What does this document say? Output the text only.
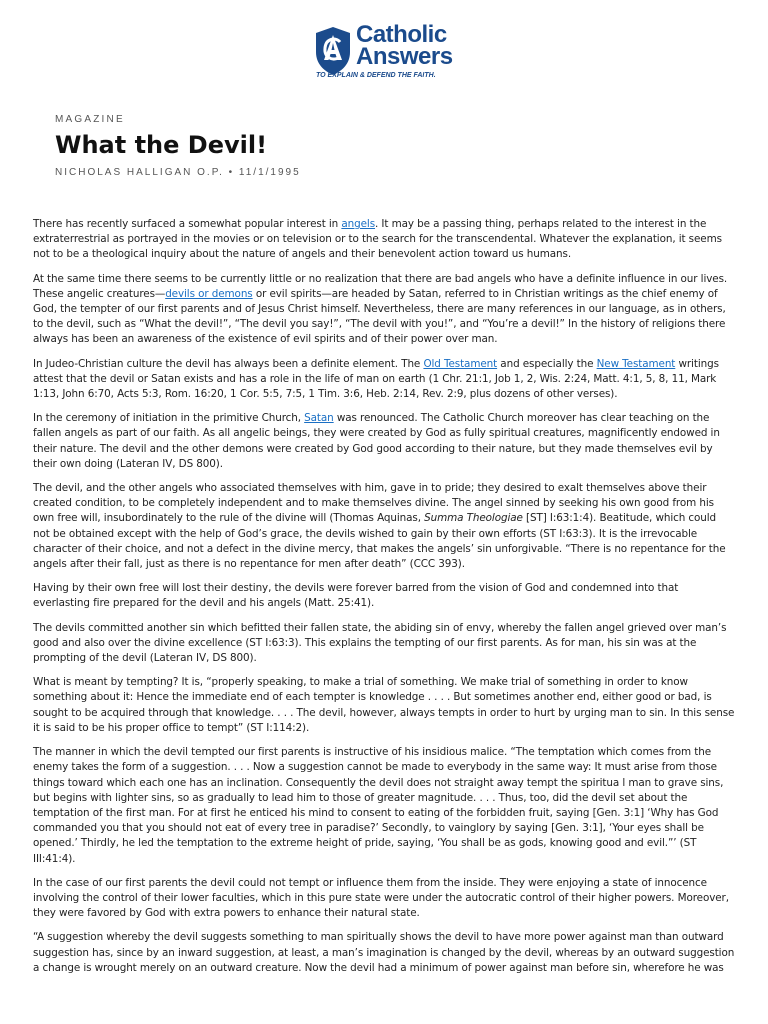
Catholic
Answers
TO EXPLAIN & DEFEND THE FAITH.
MAGAZINE
What the Devil!
NICHOLAS HALLIGAN O.P. • 11/1/1995

There has recently surfaced a somewhat popular interest in angels. It may be a passing thing, perhaps related to the interest in the extraterrestrial as portrayed in the movies or on television or to the search for the transcendental. Whatever the explanation, it seems not to be a theological inquiry about the nature of angels and their benevolent action toward us humans.

At the same time there seems to be currently little or no realization that there are bad angels who have a definite influence in our lives. These angelic creatures—devils or demons or evil spirits—are headed by Satan, referred to in Christian writings as the chief enemy of God, the tempter of our first parents and of Jesus Christ himself. Nevertheless, there are many references in our language, as in others, to the devil, such as “What the devil!”, “The devil you say!”, “The devil with you!”, and “You’re a devil!” In the history of religions there always has been an awareness of the existence of evil spirits and of their power over man.

In Judeo-Christian culture the devil has always been a definite element. The Old Testament and especially the New Testament writings attest that the devil or Satan exists and has a role in the life of man on earth (1 Chr. 21:1, Job 1, 2, Wis. 2:24, Matt. 4:1, 5, 8, 11, Mark 1:13, John 6:70, Acts 5:3, Rom. 16:20, 1 Cor. 5:5, 7:5, 1 Tim. 3:6, Heb. 2:14, Rev. 2:9, plus dozens of other verses).

In the ceremony of initiation in the primitive Church, Satan was renounced. The Catholic Church moreover has clear teaching on the fallen angels as part of our faith. As all angelic beings, they were created by God as fully spiritual creatures, magnificently endowed in their nature. The devil and the other demons were created by God good according to their nature, but they made themselves evil by their own doing (Lateran IV, DS 800).

The devil, and the other angels who associated themselves with him, gave in to pride; they desired to exalt themselves above their created condition, to be completely independent and to make themselves divine. The angel sinned by seeking his own good from his own free will, insubordinately to the rule of the divine will (Thomas Aquinas, Summa Theologiae [ST] I:63:1:4). Beatitude, which could not be obtained except with the help of God’s grace, the devils wished to gain by their own efforts (ST I:63:3). It is the irrevocable character of their choice, and not a defect in the divine mercy, that makes the angels’ sin unforgivable. “There is no repentance for the angels after their fall, just as there is no repentance for men after death” (CCC 393).

Having by their own free will lost their destiny, the devils were forever barred from the vision of God and condemned into that everlasting fire prepared for the devil and his angels (Matt. 25:41).

The devils committed another sin which befitted their fallen state, the abiding sin of envy, whereby the fallen angel grieved over man’s good and also over the divine excellence (ST I:63:3). This explains the tempting of our first parents. As for man, his sin was at the prompting of the devil (Lateran IV, DS 800).

What is meant by tempting? It is, “properly speaking, to make a trial of something. We make trial of something in order to know something about it: Hence the immediate end of each tempter is knowledge . . . . But sometimes another end, either good or bad, is sought to be acquired through that knowledge. . . . The devil, however, always tempts in order to hurt by urging man to sin. In this sense it is said to be his proper office to tempt” (ST I:114:2).

The manner in which the devil tempted our first parents is instructive of his insidious malice. “The temptation which comes from the enemy takes the form of a suggestion. . . . Now a suggestion cannot be made to everybody in the same way: It must arise from those things toward which each one has an inclination. Consequently the devil does not straight away tempt the spiritua l man to grave sins, but begins with lighter sins, so as gradually to lead him to those of greater magnitude. . . . Thus, too, did the devil set about the temptation of the first man. For at first he enticed his mind to consent to eating of the forbidden fruit, saying [Gen. 3:1] ‘Why has God commanded you that you should not eat of every tree in paradise?’ Secondly, to vainglory by saying [Gen. 3:1], ‘Your eyes shall be opened.’ Thirdly, he led the temptation to the extreme height of pride, saying, ‘You shall be as gods, knowing good and evil.”’ (ST III:41:4).

In the case of our first parents the devil could not tempt or influence them from the inside. They were enjoying a state of innocence involving the control of their lower faculties, which in this pure state were under the autocratic control of their higher powers. Moreover, they were favored by God with extra powers to enhance their natural state.

“A suggestion whereby the devil suggests something to man spiritually shows the devil to have more power against man than outward suggestion has, since by an inward suggestion, at least, a man’s imagination is changed by the devil, whereas by an outward suggestion a change is wrought merely on an outward creature. Now the devil had a minimum of power against man before sin, wherefore he was
